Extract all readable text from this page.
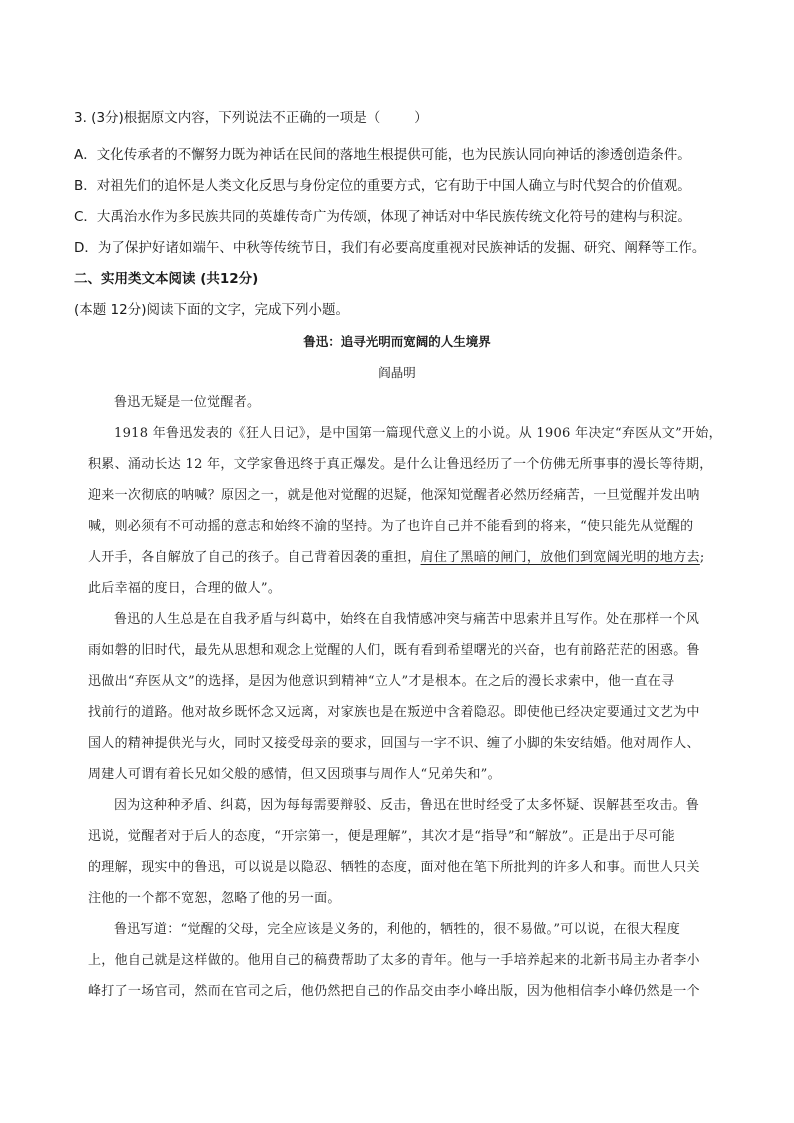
3. (3分)根据原文内容，下列说法不正确的一项是（	）
A．文化传承者的不懈努力既为神话在民间的落地生根提供可能，也为民族认同向神话的渗透创造条件。
B．对祖先们的追怀是人类文化反思与身份定位的重要方式，它有助于中国人确立与时代契合的价值观。
C．大禹治水作为多民族共同的英雄传奇广为传颂，体现了神话对中华民族传统文化符号的建构与积淀。
D．为了保护好诸如端午、中秋等传统节日，我们有必要高度重视对民族神话的发掘、研究、阐释等工作。
二、实用类文本阅读 (共12分)
(本题 12分)阅读下面的文字，完成下列小题。
鲁迅：追寻光明而宽阔的人生境界
阎晶明
鲁迅无疑是一位觉醒者。
1918 年鲁迅发表的《狂人日记》，是中国第一篇现代意义上的小说。从 1906 年决定“弃医从文”开始，
积累、涌动长达 12 年，文学家鲁迅终于真正爆发。是什么让鲁迅经历了一个仿佛无所事事的漫长等待期，
迎来一次彻底的呐喊？原因之一，就是他对觉醒的迟疑，他深知觉醒者必然历经痛苦，一旦觉醒并发出呐
喊，则必须有不可动摇的意志和始终不渝的坚持。为了也许自己并不能看到的将来，“使只能先从觉醒的
人开手，各自解放了自己的孩子。自己背着因袭的重担，肩住了黑暗的闸门，放他们到宽阔光明的地方去;
此后幸福的度日，合理的做人”。
鲁迅的人生总是在自我矛盾与纠葛中，始终在自我情感冲突与痛苦中思索并且写作。处在那样一个风
雨如磐的旧时代，最先从思想和观念上觉醒的人们，既有看到希望曙光的兴奋，也有前路茫茫的困惑。鲁
迅做出“弃医从文”的选择，是因为他意识到精神“立人”才是根本。在之后的漫长求索中，他一直在寻
找前行的道路。他对故乡既怀念又远离，对家族也是在叛逆中含着隐忍。即使他已经决定要通过文艺为中
国人的精神提供光与火，同时又接受母亲的要求，回国与一字不识、缠了小脚的朱安结婚。他对周作人、
周建人可谓有着长兄如父般的感情，但又因琐事与周作人“兄弟失和”。
因为这种种矛盾、纠葛，因为每每需要辩驳、反击，鲁迅在世时经受了太多怀疑、误解甚至攻击。鲁
迅说，觉醒者对于后人的态度，“开宗第一，便是理解”，其次才是“指导”和“解放”。正是出于尽可能
的理解，现实中的鲁迅，可以说是以隐忍、牺牲的态度，面对他在笔下所批判的许多人和事。而世人只关
注他的一个都不宽恕，忽略了他的另一面。
鲁迅写道：“觉醒的父母，完全应该是义务的，利他的，牺牲的，很不易做。”可以说，在很大程度
上，他自己就是这样做的。他用自己的稿费帮助了太多的青年。他与一手培养起来的北新书局主办者李小
峰打了一场官司，然而在官司之后，他仍然把自己的作品交由李小峰出版，因为他相信李小峰仍然是一个
